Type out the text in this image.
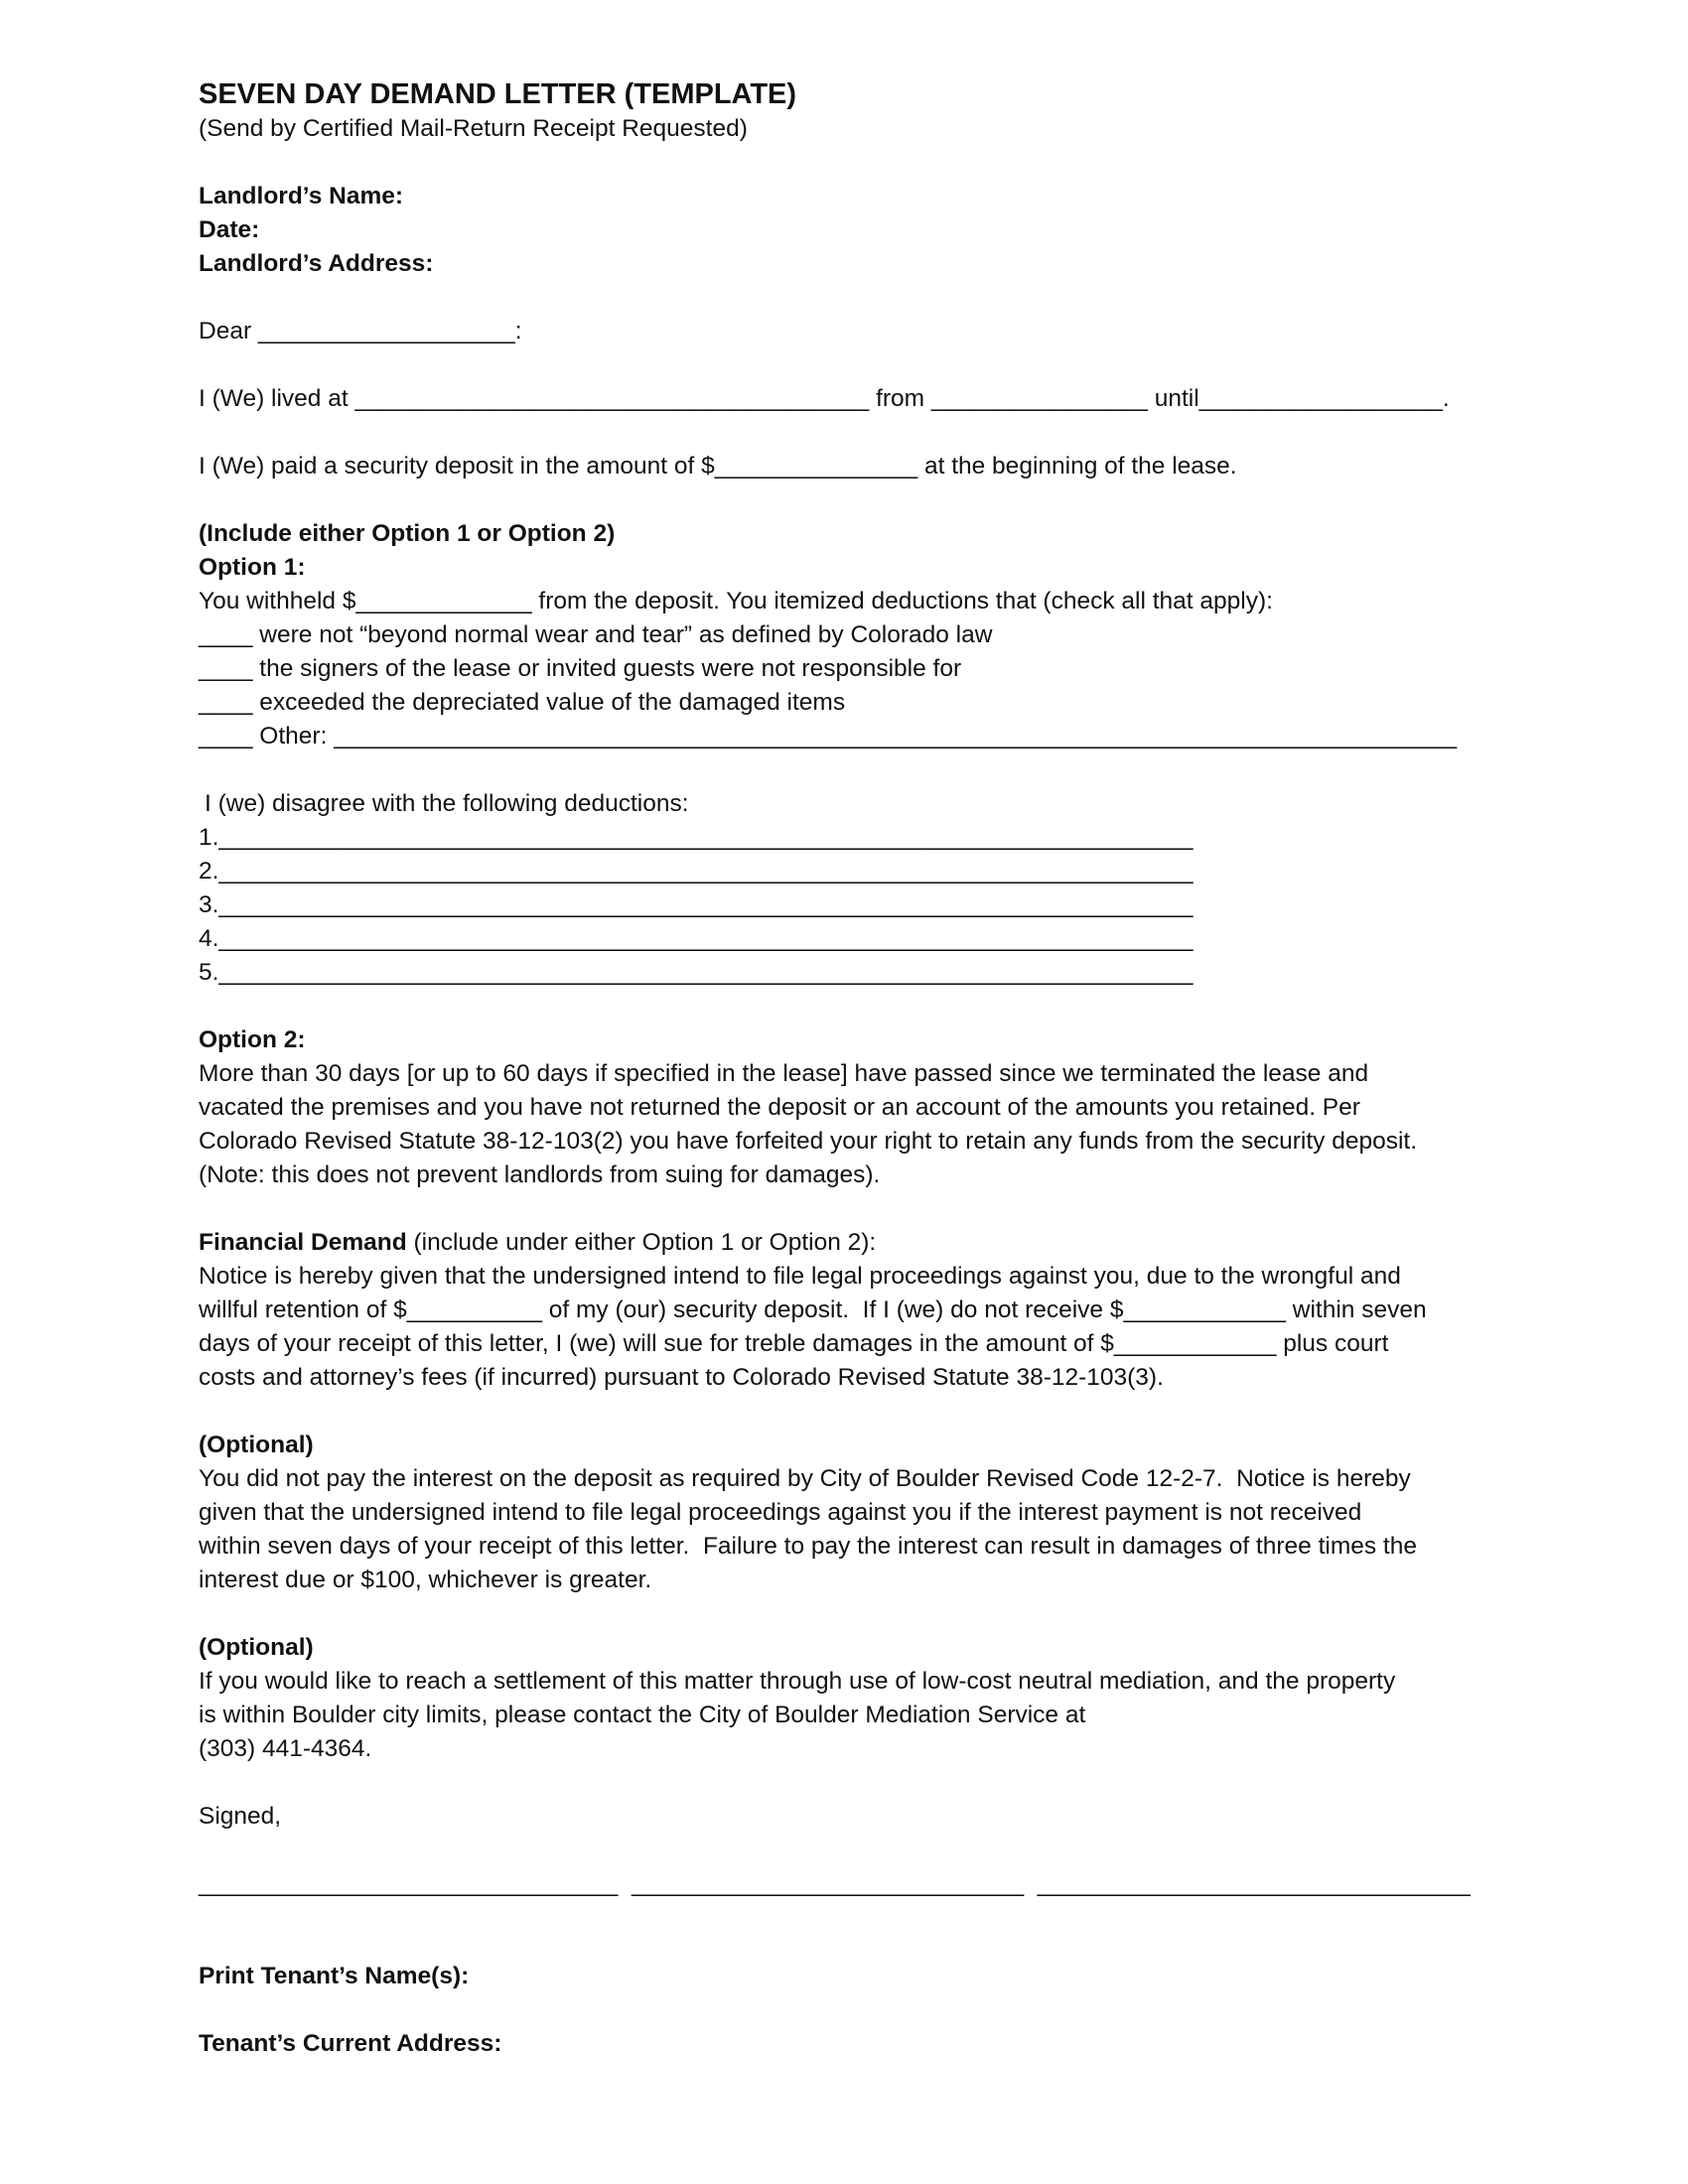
SEVEN DAY DEMAND LETTER (TEMPLATE)

(Send by Certified Mail-Return Receipt Requested)

Landlord’s Name:

Date:

Landlord’s Address:

Dear ___________________:

I (We) lived at ______________________________________ from ________________ until__________________.

I (We) paid a security deposit in the amount of $_______________ at the beginning of the lease.

(Include either Option 1 or Option 2)

Option 1:

You withheld $_____________ from the deposit. You itemized deductions that (check all that apply):

____ were not “beyond normal wear and tear” as defined by Colorado law

____ the signers of the lease or invited guests were not responsible for

____ exceeded the depreciated value of the damaged items

____ Other: ___________________________________________________________________________________

I (we) disagree with the following deductions:

1.________________________________________________________________________

2.________________________________________________________________________

3.________________________________________________________________________

4.________________________________________________________________________

5.________________________________________________________________________

Option 2:

More than 30 days [or up to 60 days if specified in the lease] have passed since we terminated the lease and

vacated the premises and you have not returned the deposit or an account of the amounts you retained. Per

Colorado Revised Statute 38-12-103(2) you have forfeited your right to retain any funds from the security deposit.

(Note: this does not prevent landlords from suing for damages).

Financial Demand (include under either Option 1 or Option 2):

Notice is hereby given that the undersigned intend to file legal proceedings against you, due to the wrongful and

willful retention of $__________ of my (our) security deposit.  If I (we) do not receive $____________ within seven

days of your receipt of this letter, I (we) will sue for treble damages in the amount of $____________ plus court

costs and attorney’s fees (if incurred) pursuant to Colorado Revised Statute 38-12-103(3).

(Optional)

You did not pay the interest on the deposit as required by City of Boulder Revised Code 12-2-7.  Notice is hereby

given that the undersigned intend to file legal proceedings against you if the interest payment is not received

within seven days of your receipt of this letter.  Failure to pay the interest can result in damages of three times the

interest due or $100, whichever is greater.

(Optional)

If you would like to reach a settlement of this matter through use of low-cost neutral mediation, and the property

is within Boulder city limits, please contact the City of Boulder Mediation Service at

(303) 441-4364.

Signed,

_______________________________  _____________________________  ________________________________

Print Tenant’s Name(s):

Tenant’s Current Address:
